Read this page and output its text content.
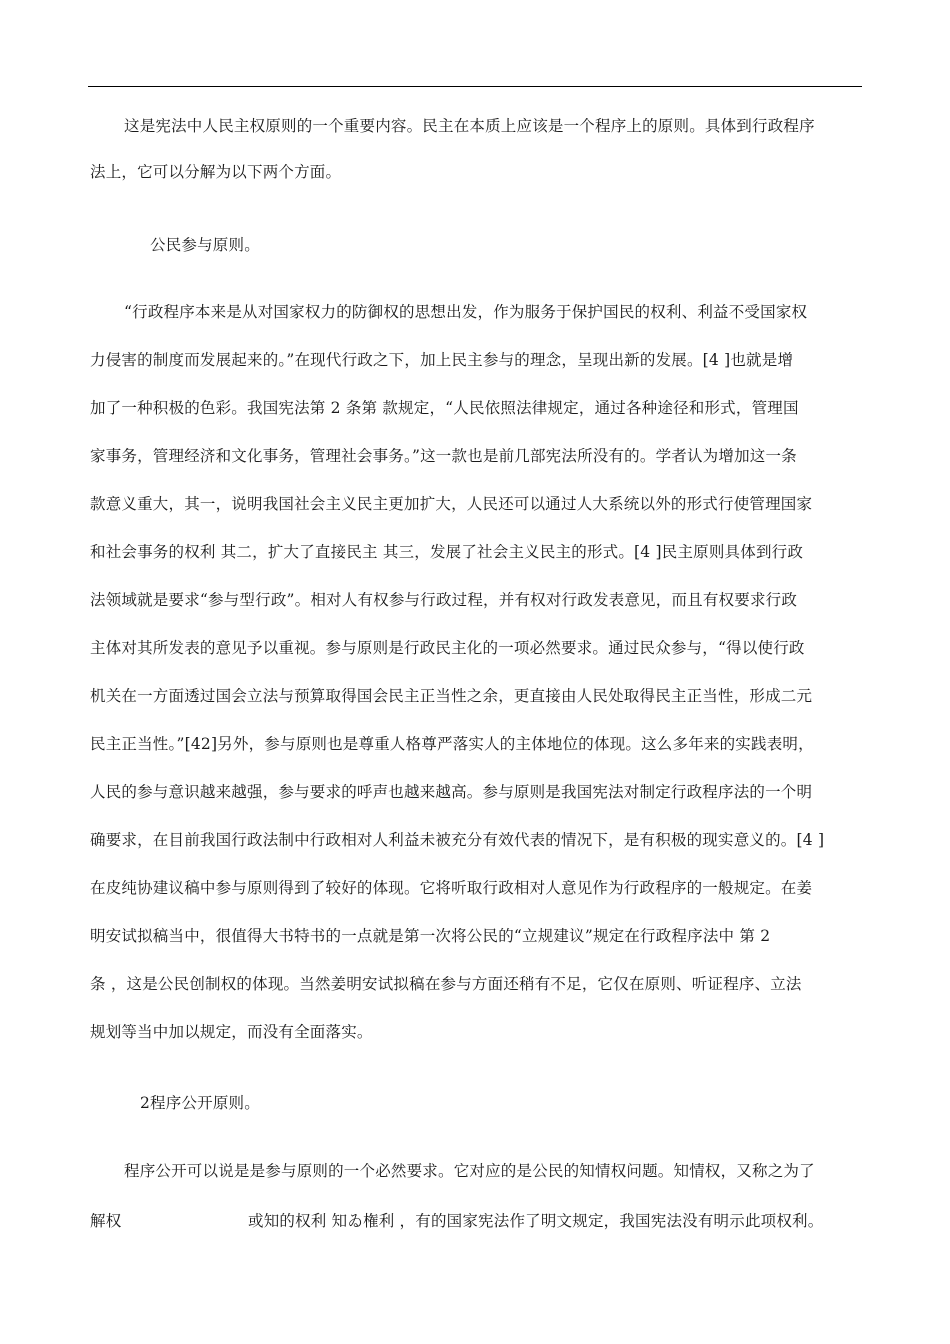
这是宪法中人民主权原则的一个重要内容。民主在本质上应该是一个程序上的原则。具体到行政程序
法上，它可以分解为以下两个方面。
公民参与原则。
“行政程序本来是从对国家权力的防御权的思想出发，作为服务于保护国民的权利、利益不受国家权
力侵害的制度而发展起来的。”在现代行政之下，加上民主参与的理念，呈现出新的发展。[4 ]也就是增
加了一种积极的色彩。我国宪法第 2 条第 款规定，“人民依照法律规定，通过各种途径和形式，管理国
家事务，管理经济和文化事务，管理社会事务。”这一款也是前几部宪法所没有的。学者认为增加这一条
款意义重大，其一，说明我国社会主义民主更加扩大，人民还可以通过人大系统以外的形式行使管理国家
和社会事务的权利 其二，扩大了直接民主 其三，发展了社会主义民主的形式。[4 ]民主原则具体到行政
法领域就是要求“参与型行政”。相对人有权参与行政过程，并有权对行政发表意见，而且有权要求行政
主体对其所发表的意见予以重视。参与原则是行政民主化的一项必然要求。通过民众参与，“得以使行政
机关在一方面透过国会立法与预算取得国会民主正当性之余，更直接由人民处取得民主正当性，形成二元
民主正当性。”[42]另外，参与原则也是尊重人格尊严落实人的主体地位的体现。这么多年来的实践表明，
人民的参与意识越来越强，参与要求的呼声也越来越高。参与原则是我国宪法对制定行政程序法的一个明
确要求，在目前我国行政法制中行政相对人利益未被充分有效代表的情况下，是有积极的现实意义的。[4 ]
在皮纯协建议稿中参与原则得到了较好的体现。它将听取行政相对人意见作为行政程序的一般规定。在姜
明安试拟稿当中，很值得大书特书的一点就是第一次将公民的“立规建议”规定在行政程序法中 第 2
条 ，这是公民创制权的体现。当然姜明安试拟稿在参与方面还稍有不足，它仅在原则、听证程序、立法
规划等当中加以规定，而没有全面落实。
2程序公开原则。
程序公开可以说是是参与原则的一个必然要求。它对应的是公民的知情权问题。知情权，又称之为了
解权	或知的权利 知ゐ権利 ，有的国家宪法作了明文规定，我国宪法没有明示此项权利。
